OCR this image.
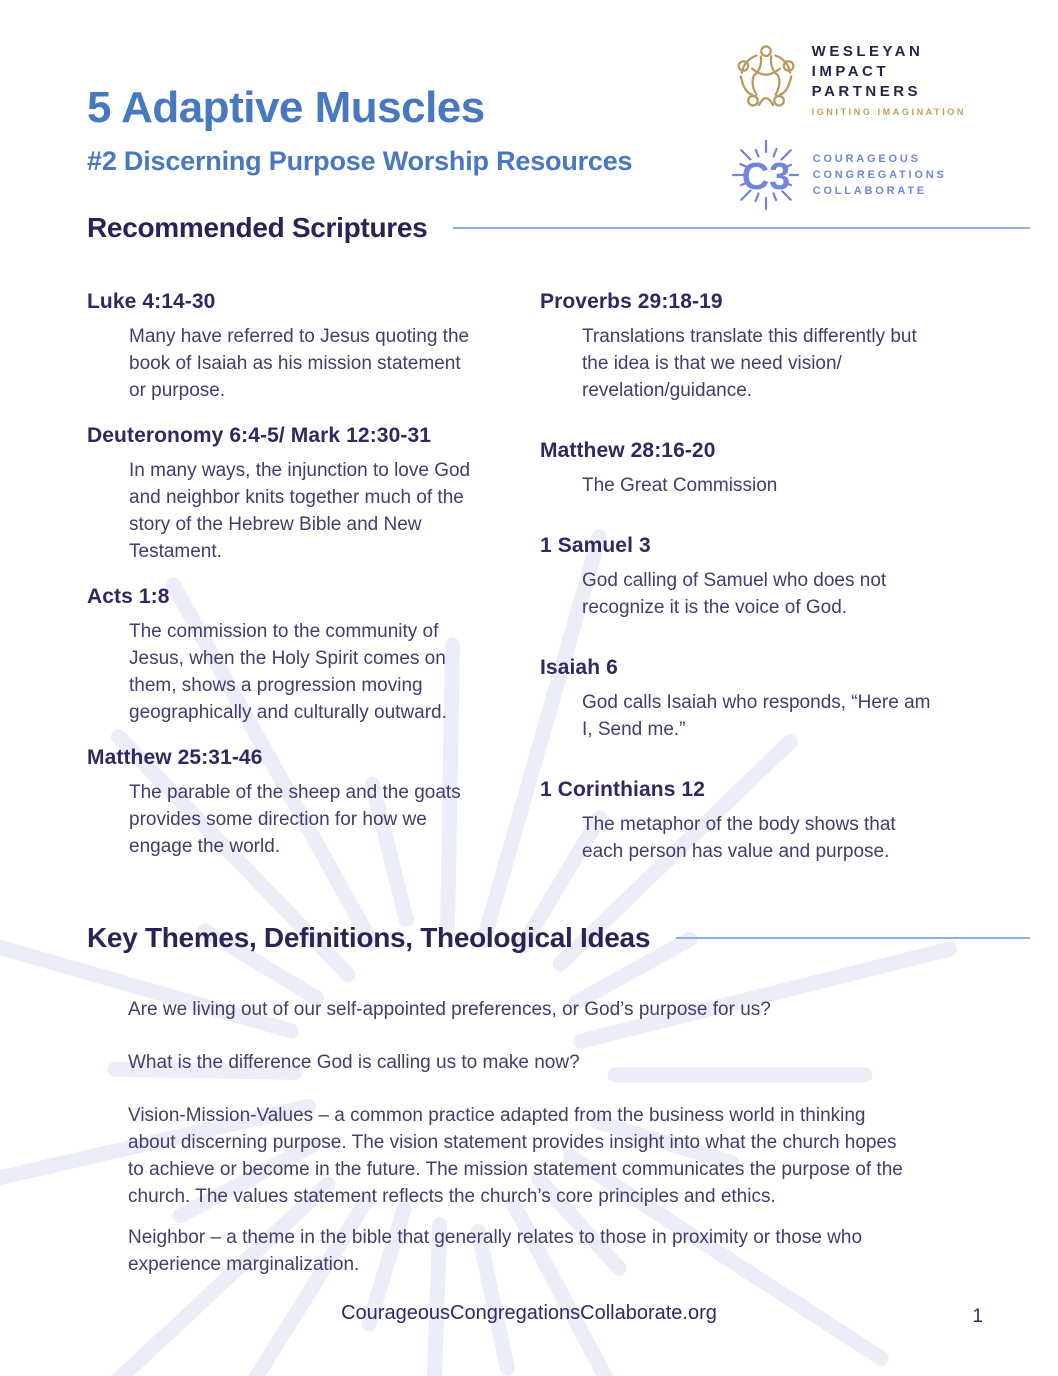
5 Adaptive Muscles
#2 Discerning Purpose Worship Resources
WESLEYAN
IMPACT
PARTNERS
IGNITING IMAGINATION
C3 COURAGEOUS
CONGREGATIONS
COLLABORATE
Recommended Scriptures
Luke 4:14-30
Many have referred to Jesus quoting the book of Isaiah as his mission statement or purpose.
Deuteronomy 6:4-5/ Mark 12:30-31
In many ways, the injunction to love God and neighbor knits together much of the story of the Hebrew Bible and New Testament.
Acts 1:8
The commission to the community of Jesus, when the Holy Spirit comes on them, shows a progression moving geographically and culturally outward.
Matthew 25:31-46
The parable of the sheep and the goats provides some direction for how we engage the world.
Proverbs 29:18-19
Translations translate this differently but the idea is that we need vision/ revelation/guidance.
Matthew 28:16-20
The Great Commission
1 Samuel 3
God calling of Samuel who does not recognize it is the voice of God.
Isaiah 6
God calls Isaiah who responds, “Here am I, Send me.”
1 Corinthians 12
The metaphor of the body shows that each person has value and purpose.
Key Themes, Definitions, Theological Ideas

Are we living out of our self-appointed preferences, or God’s purpose for us?

What is the difference God is calling us to make now?

Vision-Mission-Values – a common practice adapted from the business world in thinking about discerning purpose. The vision statement provides insight into what the church hopes to achieve or become in the future. The mission statement communicates the purpose of the church. The values statement reflects the church’s core principles and ethics.

Neighbor – a theme in the bible that generally relates to those in proximity or those who experience marginalization.

CourageousCongregationsCollaborate.org	1
